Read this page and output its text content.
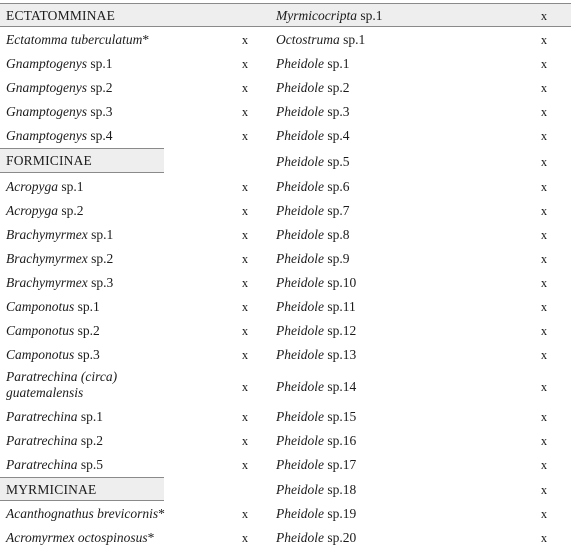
ECTATOMMINAE	Myrmicocripta sp.1	x
Ectatomma tuberculatum*	x Octostruma sp.1	x
Gnamptogenys sp.1	x Pheidole sp.1	x
Gnamptogenys sp.2	x Pheidole sp.2	x
Gnamptogenys sp.3	x Pheidole sp.3	x
Gnamptogenys sp.4	x Pheidole sp.4	x
FORMICINAE	Pheidole sp.5	x
Acropyga sp.1	x Pheidole sp.6	x
Acropyga sp.2	x Pheidole sp.7	x
Brachymyrmex sp.1	x Pheidole sp.8	x
Brachymyrmex sp.2	x Pheidole sp.9	x
Brachymyrmex sp.3	x Pheidole sp.10	x
Camponotus sp.1	x Pheidole sp.11	x
Camponotus sp.2	x Pheidole sp.12	x
Camponotus sp.3	x Pheidole sp.13	x
Paratrechina (circa) guatemalensis	x Pheidole sp.14	x
Paratrechina sp.1	x Pheidole sp.15	x
Paratrechina sp.2	x Pheidole sp.16	x
Paratrechina sp.5	x Pheidole sp.17	x
MYRMICINAE	Pheidole sp.18	x
Acanthognathus brevicornis*	x Pheidole sp.19	x
Acromyrmex octospinosus*	x Pheidole sp.20	x
